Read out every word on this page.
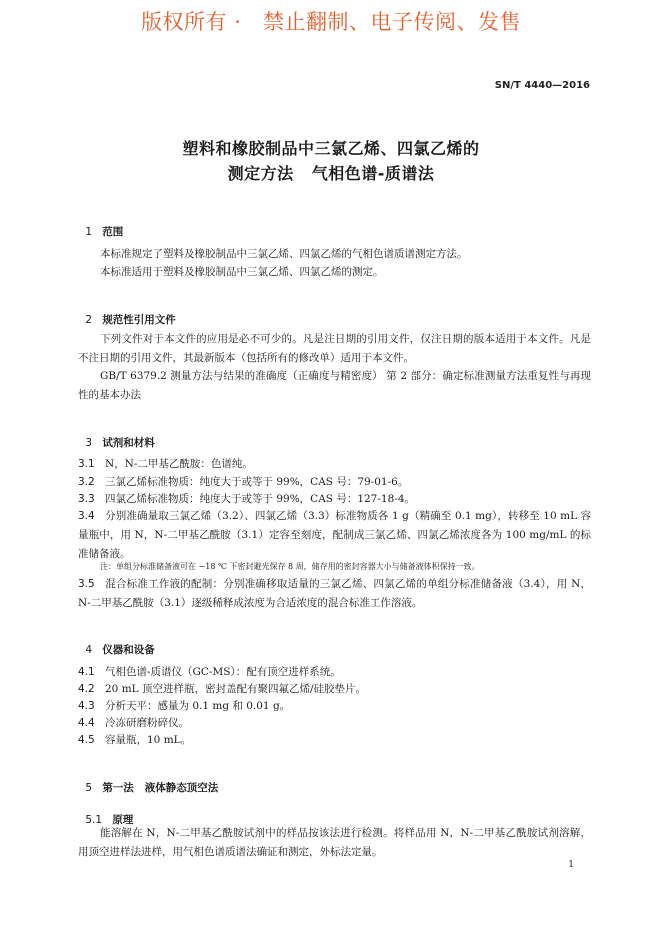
版权所有 ·   禁止翻制、电子传阅、发售
SN/T 4440—2016
塑料和橡胶制品中三氯乙烯、四氯乙烯的
测定方法   气相色谱-质谱法

1 范围

本标准规定了塑料及橡胶制品中三氯乙烯、四氯乙烯的气相色谱质谱测定方法。
本标准适用于塑料及橡胶制品中三氯乙烯、四氯乙烯的测定。

2 规范性引用文件

下列文件对于本文件的应用是必不可少的。凡是注日期的引用文件，仅注日期的版本适用于本文件。凡是不注日期的引用文件，其最新版本（包括所有的修改单）适用于本文件。
GB/T 6379.2 测量方法与结果的准确度（正确度与精密度） 第 2 部分：确定标准测量方法重复性与再现性的基本办法

3 试剂和材料

3.1 N，N-二甲基乙酰胺：色谱纯。
3.2 三氯乙烯标准物质：纯度大于或等于 99%，CAS 号：79-01-6。
3.3 四氯乙烯标准物质：纯度大于或等于 99%，CAS 号：127-18-4。
3.4 分别准确量取三氯乙烯（3.2）、四氯乙烯（3.3）标准物质各 1 g（精确至 0.1 mg），转移至 10 mL 容量瓶中，用 N，N-二甲基乙酰胺（3.1）定容至刻度，配制成三氯乙烯、四氯乙烯浓度各为 100 mg/mL 的标准储备液。
注：单组分标准储备液可在 −18 ℃ 下密封避光保存 8 周，储存用的密封容器大小与储备液体积保持一致。
3.5 混合标准工作液的配制：分别准确移取适量的三氯乙烯、四氯乙烯的单组分标准储备液（3.4），用 N，N-二甲基乙酰胺（3.1）逐级稀释成浓度为合适浓度的混合标准工作溶液。

4 仪器和设备

4.1 气相色谱-质谱仪（GC-MS）：配有顶空进样系统。
4.2 20 mL 顶空进样瓶，密封盖配有聚四氟乙烯/硅胶垫片。
4.3 分析天平：感量为 0.1 mg 和 0.01 g。
4.4 冷冻研磨粉碎仪。
4.5 容量瓶，10 mL。

5 第一法   液体静态顶空法

5.1 原理

能溶解在 N，N-二甲基乙酰胺试剂中的样品按该法进行检测。将样品用 N，N-二甲基乙酰胺试剂溶解，用顶空进样法进样，用气相色谱质谱法确证和测定，外标法定量。
1
